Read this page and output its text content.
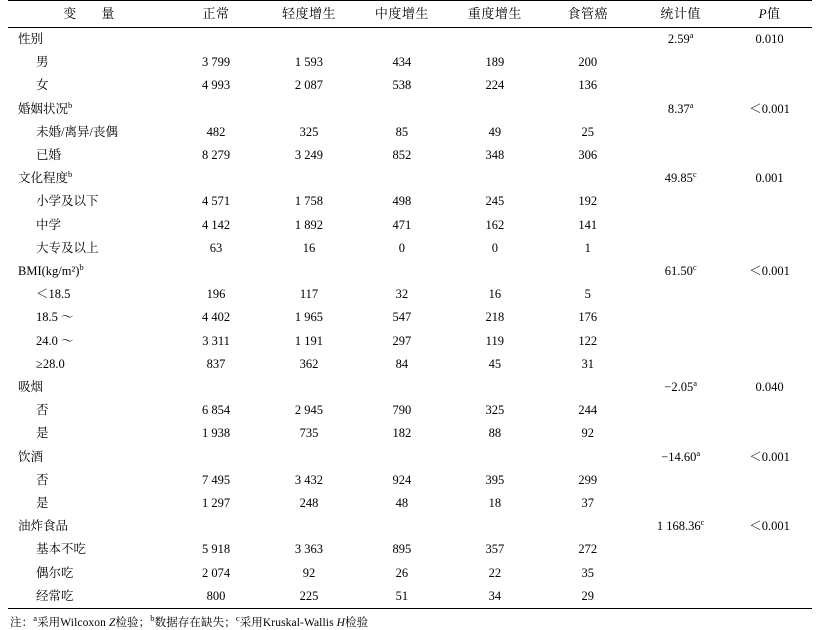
变　量	正常	轻度增生	中度增生	重度增生	食管癌	统计值	P值
性别						2.59$^a$	0.010
男	3 799	1 593	434	189	200		
女	4 993	2 087	538	224	136		
婚姻状况$^b$						8.37$^a$	＜0.001
未婚/离异/丧偶	482	325	85	49	25		
已婚	8 279	3 249	852	348	306		
文化程度$^b$						49.85$^c$	0.001
小学及以下	4 571	1 758	498	245	192		
中学	4 142	1 892	471	162	141		
大专及以上	63	16	0	0	1		
$BMI(kg/m^2)^b$						61.50$^c$	＜0.001
＜18.5	196	117	32	16	5		
18.5 ～	4 402	1 965	547	218	176		
24.0 ～	3 311	1 191	297	119	122		
≥28.0	837	362	84	45	31		
吸烟						−2.05$^a$	0.040
否	6 854	2 945	790	325	244		
是	1 938	735	182	88	92		
饮酒						−14.60$^a$	＜0.001
否	7 495	3 432	924	395	299		
是	1 297	248	48	18	37		
油炸食品						1 168.36$^c$	＜0.001
基本不吃	5 918	3 363	895	357	272		
偶尔吃	2 074	92	26	22	35		
经常吃	800	225	51	34	29		
注：$^a$采用Wilcoxon Z检验；$^b$数据存在缺失；$^c$采用Kruskal-Wallis H检验
